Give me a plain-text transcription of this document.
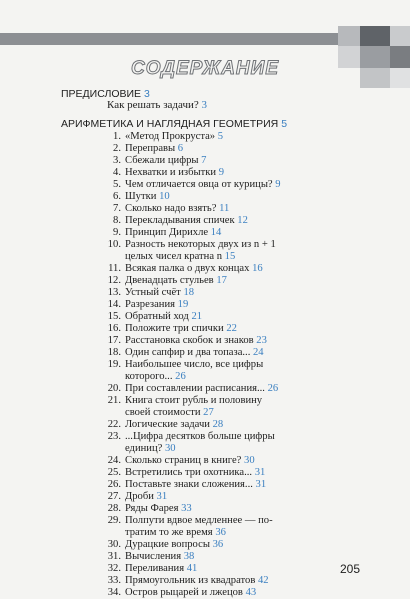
СОДЕРЖАНИЕ
ПРЕДИСЛОВИЕ 3
Как решать задачи? 3
АРИФМЕТИКА И НАГЛЯДНАЯ ГЕОМЕТРИЯ 5
1. «Метод Прокруста» 5
2. Переправы 6
3. Сбежали цифры 7
4. Нехватки и избытки 9
5. Чем отличается овца от курицы? 9
6. Шутки 10
7. Сколько надо взять? 11
8. Перекладывания спичек 12
9. Принцип Дирихле 14
10. Разность некоторых двух из n + 1
целых чисел кратна n 15
11. Всякая палка о двух концах 16
12. Двенадцать стульев 17
13. Устный счёт 18
14. Разрезания 19
15. Обратный ход 21
16. Положите три спички 22
17. Расстановка скобок и знаков 23
18. Один сапфир и два топаза... 24
19. Наибольшее число, все цифры
которого... 26
20. При составлении расписания... 26
21. Книга стоит рубль и половину
своей стоимости 27
22. Логические задачи 28
23. ...Цифра десятков больше цифры
единиц? 30
24. Сколько страниц в книге? 30
25. Встретились три охотника... 31
26. Поставьте знаки сложения... 31
27. Дроби 31
28. Ряды Фарея 33
29. Полпути вдвое медленнее — по-
тратим то же время 36
30. Дурацкие вопросы 36
31. Вычисления 38
32. Переливания 41
33. Прямоугольник из квадратов 42
34. Остров рыцарей и лжецов 43
205
